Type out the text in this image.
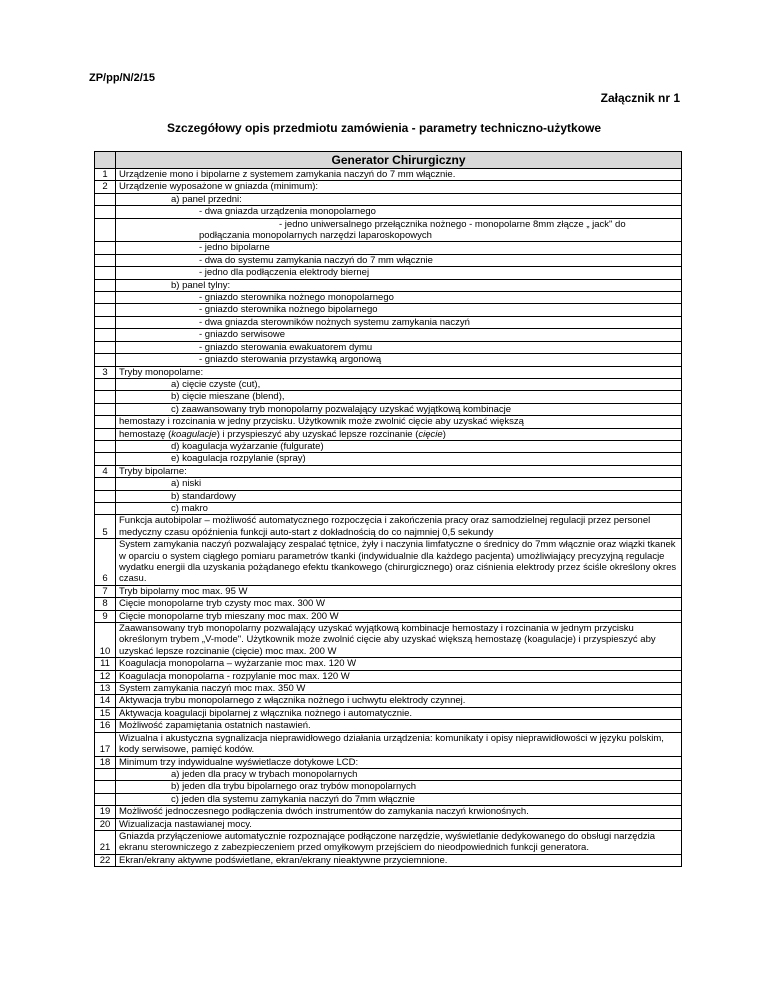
ZP/pp/N/2/15
Załącznik nr 1
Szczegółowy opis przedmiotu zamówienia - parametry techniczno-użytkowe
	Generator Chirurgiczny
1	Urządzenie mono i bipolarne z systemem zamykania naczyń do 7 mm włącznie.
2	Urządzenie wyposażone w gniazda (minimum):
	a) panel przedni:
	- dwa gniazda urządzenia monopolarnego

	- jedno uniwersalnego przełącznika nożnego - monopolarne 8mm złącze „ jack" do
podłączania monopolarnych narzędzi laparoskopowych

	- jedno bipolarne
	- dwa do systemu zamykania naczyń do 7 mm włącznie
	- jedno dla podłączenia elektrody biernej
	b) panel tylny:
	- gniazdo sterownika nożnego monopolarnego
	- gniazdo sterownika nożnego bipolarnego
	- dwa gniazda sterowników nożnych systemu zamykania naczyń
	- gniazdo serwisowe
	- gniazdo sterowania ewakuatorem dymu
	- gniazdo sterowania przystawką argonową
3	Tryby monopolarne:
	a) cięcie czyste (cut),
	b) cięcie mieszane (blend),
	c) zaawansowany tryb monopolarny pozwalający uzyskać wyjątkową kombinacje
	hemostazy i rozcinania w jedny przycisku. Użytkownik może zwolnić cięcie aby uzyskać większą
	hemostazę (koagulacje) i przyspieszyć aby uzyskać lepsze rozcinanie (cięcie)
	d) koagulacja wyżarzanie (fulgurate)
	e) koagulacja rozpylanie (spray)
4	Tryby bipolarne:
	a) niski
	b) standardowy
	c) makro
5	Funkcja autobipolar – możliwość automatycznego rozpoczęcia i zakończenia pracy oraz samodzielnej regulacji przez personel medyczny czasu opóźnienia funkcji auto-start z dokładnością do co najmniej 0,5 sekundy
6	System zamykania naczyń pozwalający zespalać tętnice, żyły i naczynia limfatyczne o średnicy do 7mm włącznie oraz wiązki tkanek w oparciu o system ciągłego pomiaru parametrów tkanki (indywidualnie dla każdego pacjenta) umożliwiający precyzyjną regulacje wydatku energii dla uzyskania pożądanego efektu tkankowego (chirurgicznego) oraz ciśnienia elektrody przez ściśle określony okres czasu.
7	Tryb bipolarny moc max. 95 W
8	Cięcie monopolarne tryb czysty moc max. 300 W
9	Cięcie monopolarne tryb mieszany moc max. 200 W
10	Zaawansowany tryb monopolarny pozwalający uzyskać wyjątkową kombinacje hemostazy i rozcinania w jednym przycisku określonym trybem „V-mode". Użytkownik może zwolnić cięcie aby uzyskać większą hemostazę (koagulacje) i przyspieszyć aby uzyskać lepsze rozcinanie (cięcie) moc max. 200 W
11	Koagulacja monopolarna – wyżarzanie moc max. 120 W
12	Koagulacja monopolarna - rozpylanie moc max. 120 W
13	System zamykania naczyń moc max. 350 W
14	Aktywacja trybu monopolarnego z włącznika nożnego i uchwytu elektrody czynnej.
15	Aktywacja koagulacji bipolarnej z włącznika nożnego i automatycznie.
16	Możliwość zapamiętania ostatnich nastawień.
17	Wizualna i akustyczna sygnalizacja nieprawidłowego działania urządzenia: komunikaty i opisy nieprawidłowości w języku polskim, kody serwisowe, pamięć kodów.
18	Minimum trzy indywidualne wyświetlacze dotykowe LCD:
	a) jeden dla pracy w trybach monopolarnych
	b) jeden dla trybu bipolarnego oraz trybów monopolarnych
	c) jeden dla systemu zamykania naczyń do 7mm włącznie
19	Możliwość jednoczesnego podłączenia dwóch instrumentów do zamykania naczyń krwionośnych.
20	Wizualizacja nastawianej mocy.
21	Gniazda przyłączeniowe automatycznie rozpoznające podłączone narzędzie, wyświetlanie dedykowanego do obsługi narzędzia ekranu sterowniczego z zabezpieczeniem przed omyłkowym przejściem do nieodpowiednich funkcji generatora.
22	Ekran/ekrany aktywne podświetlane, ekran/ekrany nieaktywne przyciemnione.
